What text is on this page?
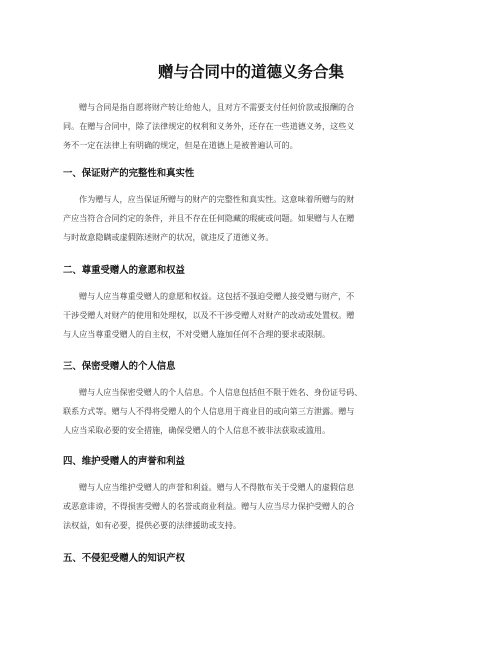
赠与合同中的道德义务合集

赠与合同是指自愿将财产转让给他人，且对方不需要支付任何价款或报酬的合
同。在赠与合同中，除了法律规定的权利和义务外，还存在一些道德义务，这些义
务不一定在法律上有明确的规定，但是在道德上是被普遍认可的。

一、保证财产的完整性和真实性

作为赠与人，应当保证所赠与的财产的完整性和真实性。这意味着所赠与的财
产应当符合合同约定的条件，并且不存在任何隐藏的瑕疵或问题。如果赠与人在赠
与时故意隐瞒或虚假陈述财产的状况，就违反了道德义务。

二、尊重受赠人的意愿和权益

赠与人应当尊重受赠人的意愿和权益。这包括不强迫受赠人接受赠与财产，不
干涉受赠人对财产的使用和处理权，以及不干涉受赠人对财产的改动或处置权。赠
与人应当尊重受赠人的自主权，不对受赠人施加任何不合理的要求或限制。

三、保密受赠人的个人信息

赠与人应当保密受赠人的个人信息。个人信息包括但不限于姓名、身份证号码、
联系方式等。赠与人不得将受赠人的个人信息用于商业目的或向第三方泄露。赠与
人应当采取必要的安全措施，确保受赠人的个人信息不被非法获取或滥用。

四、维护受赠人的声誉和利益

赠与人应当维护受赠人的声誉和利益。赠与人不得散布关于受赠人的虚假信息
或恶意诽谤，不得损害受赠人的名誉或商业利益。赠与人应当尽力保护受赠人的合
法权益，如有必要，提供必要的法律援助或支持。

五、不侵犯受赠人的知识产权
